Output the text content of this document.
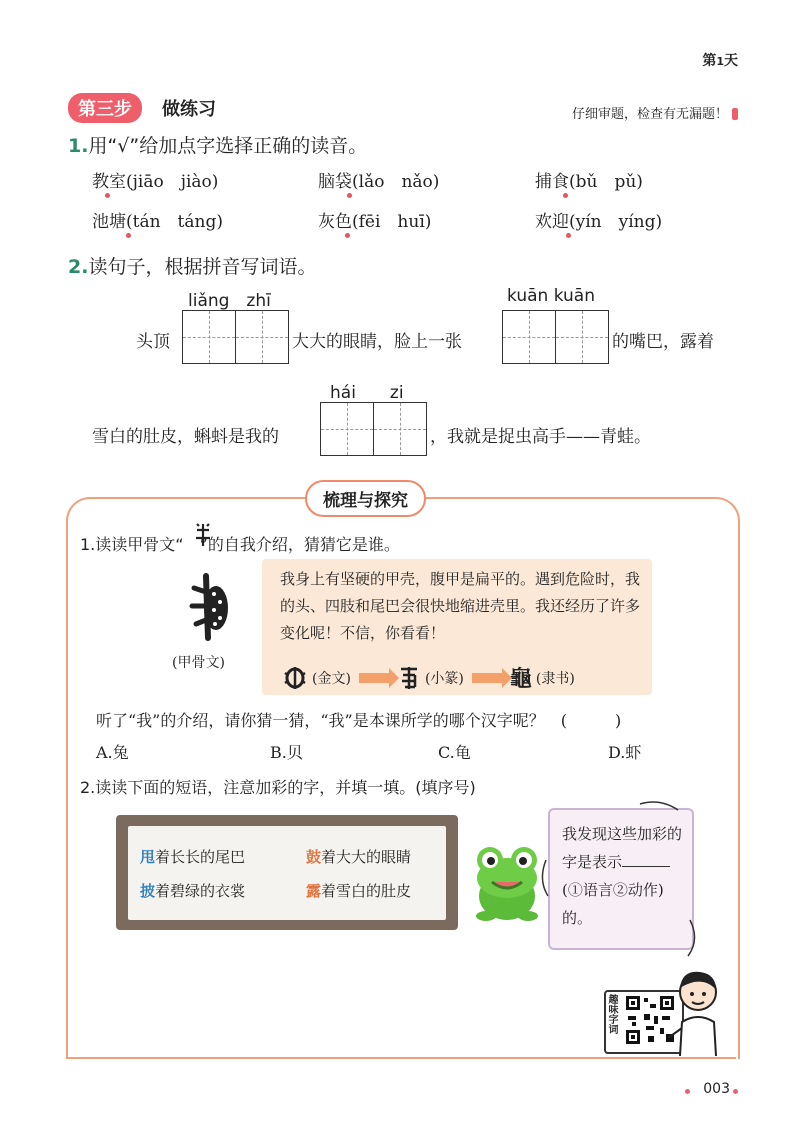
第1天
第三步	做练习	仔细审题，检查有无漏题！
1.用“√”给加点字选择正确的读音。
教室(jiāo　jiào)	脑袋(lǎo　nǎo)	捕食(bǔ　pǔ)
池塘(tán　táng)	灰色(fēi　huī)	欢迎(yín　yíng)
2.读句子，根据拼音写词语。
liǎng　zhī	kuān kuān
头顶	大大的眼睛，脸上一张	的嘴巴，露着
hái　　zi
雪白的肚皮，蝌蚪是我的	，我就是捉虫高手——青蛙。
梳理与探究
1.读读甲骨文“　”的自我介绍，猜猜它是谁。
(甲骨文)
我身上有坚硬的甲壳，腹甲是扁平的。遇到危险时，我的头、四肢和尾巴会很快地缩进壳里。我还经历了许多变化呢！不信，你看看！
(金文)	(小篆) 龜 (隶书)
听了“我”的介绍，请你猜一猜，“我”是本课所学的哪个汉字呢？　(　　　)
A.兔	B.贝	C.龟	D.虾
2.读读下面的短语，注意加彩的字，并填一填。(填序号)
甩着长长的尾巴	鼓着大大的眼睛
披着碧绿的衣裳	露着雪白的肚皮
我发现这些加彩的字是表示(①语言②动作)的。
趣味字词
003
